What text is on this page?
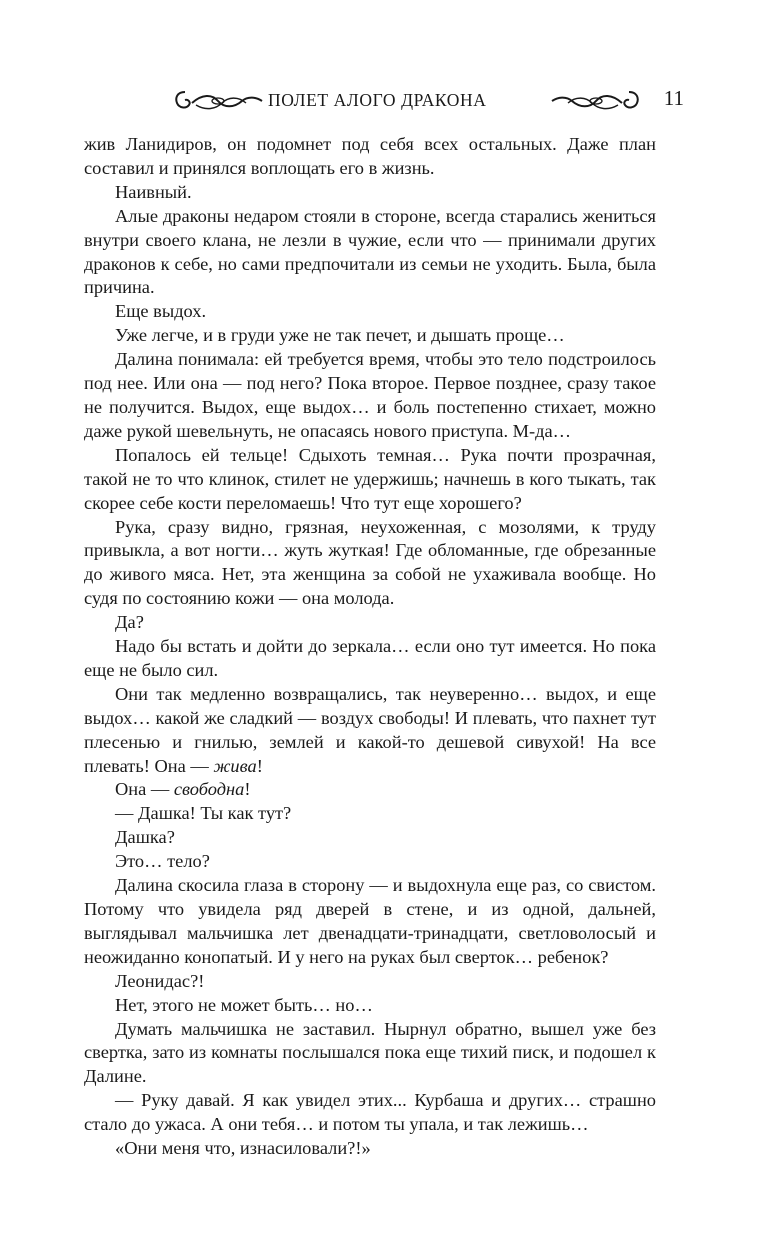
ПОЛЕТ АЛОГО ДРАКОНА	11

жив Ланидиров, он подомнет под себя всех остальных. Даже план составил и принялся воплощать его в жизнь.

Наивный.

Алые драконы недаром стояли в стороне, всегда старались жениться внутри своего клана, не лезли в чужие, если что — принимали других драконов к себе, но сами предпочитали из семьи не уходить. Была, была причина.

Еще выдох.

Уже легче, и в груди уже не так печет, и дышать проще…

Далина понимала: ей требуется время, чтобы это тело подстроилось под нее. Или она — под него? Пока второе. Первое позднее, сразу такое не получится. Выдох, еще выдох… и боль постепенно стихает, можно даже рукой шевельнуть, не опасаясь нового приступа. М-да…

Попалось ей тельце! Сдыхоть темная… Рука почти прозрачная, такой не то что клинок, стилет не удержишь; начнешь в кого тыкать, так скорее себе кости переломаешь! Что тут еще хорошего?

Рука, сразу видно, грязная, неухоженная, с мозолями, к труду привыкла, а вот ногти… жуть жуткая! Где обломанные, где обрезанные до живого мяса. Нет, эта женщина за собой не ухаживала вообще. Но судя по состоянию кожи — она молода.

Да?

Надо бы встать и дойти до зеркала… если оно тут имеется. Но пока еще не было сил.

Они так медленно возвращались, так неуверенно… выдох, и еще выдох… какой же сладкий — воздух свободы! И плевать, что пахнет тут плесенью и гнилью, землей и какой-то дешевой сивухой! На все плевать! Она — жива!

Она — свободна!

— Дашка! Ты как тут?

Дашка?

Это… тело?

Далина скосила глаза в сторону — и выдохнула еще раз, со свистом. Потому что увидела ряд дверей в стене, и из одной, дальней, выглядывал мальчишка лет двенадцати-тринадцати, светловолосый и неожиданно конопатый. И у него на руках был сверток… ребенок?

Леонидас?!

Нет, этого не может быть… но…

Думать мальчишка не заставил. Нырнул обратно, вышел уже без свертка, зато из комнаты послышался пока еще тихий писк, и подошел к Далине.

— Руку давай. Я как увидел этих... Курбаша и других… страшно стало до ужаса. А они тебя… и потом ты упала, и так лежишь…

«Они меня что, изнасиловали?!»
